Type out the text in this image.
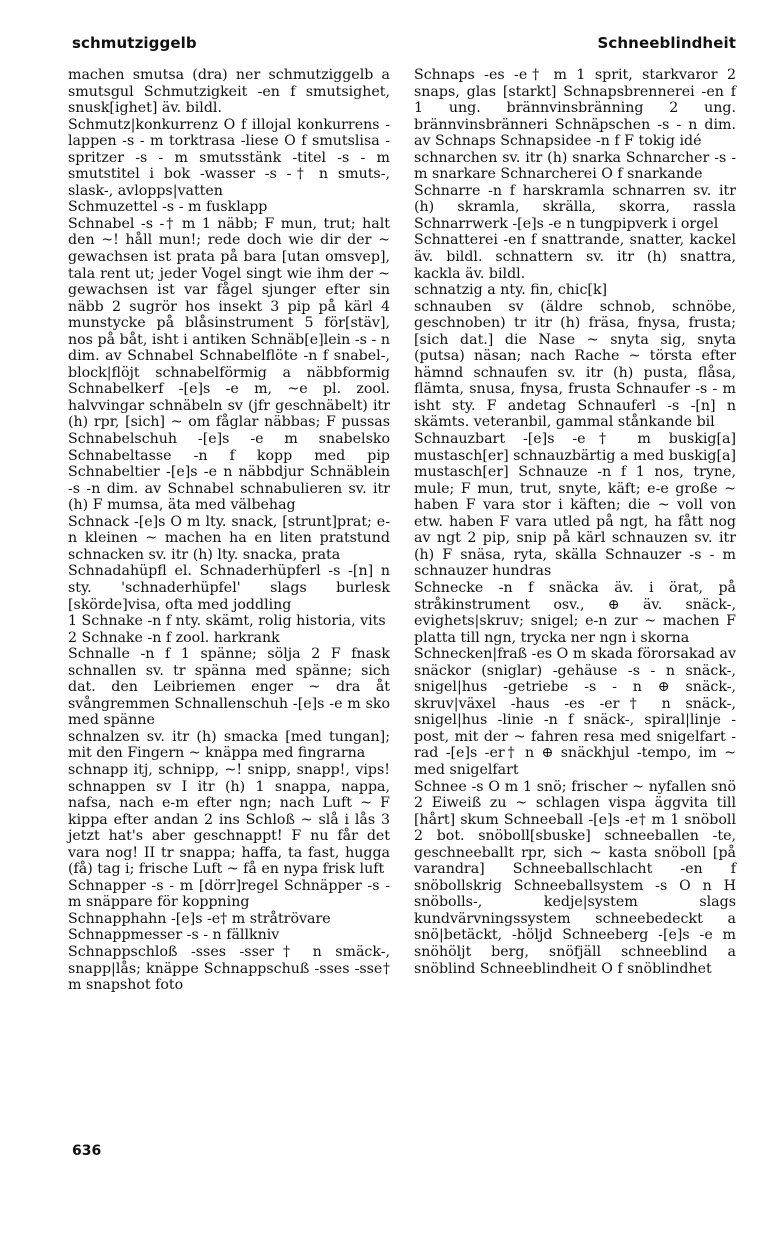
schmutziggelb	Schneeblindheit

machen smutsa (dra) ner schmutziggelb a smutsgul Schmutzigkeit -en f smutsighet, snusk[ighet] äv. bildl.

Schmutz|konkurrenz O f illojal konkurrens -lappen -s - m torktrasa -liese O f smutslisa -spritzer -s - m smutsstänk -titel -s - m smutstitel i bok -wasser -s -† n smuts-, slask-, avlopps|vatten

Schmuzettel -s - m fusklapp

Schnabel -s -† m 1 näbb; F mun, trut; halt den ~! håll mun!; rede doch wie dir der ~ gewachsen ist prata på bara [utan omsvep], tala rent ut; jeder Vogel singt wie ihm der ~ gewachsen ist var fågel sjunger efter sin näbb 2 sugrör hos insekt 3 pip på kärl 4 munstycke på blåsinstrument 5 för[stäv], nos på båt, isht i antiken Schnäb[e]lein -s - n dim. av Schnabel Schnabelflöte -n f snabel-, block|flöjt schnabelförmig a näbbformig Schnabelkerf -[e]s -e m, ~e pl. zool. halvvingar schnäbeln sv (jfr geschnäbelt) itr (h) rpr, [sich] ~ om fåglar näbbas; F pussas Schnabelschuh -[e]s -e m snabelsko Schnabeltasse -n f kopp med pip Schnabeltier -[e]s -e n näbbdjur Schnäblein -s -n dim. av Schnabel schnabulieren sv. itr (h) F mumsa, äta med välbehag

Schnack -[e]s O m lty. snack, [strunt]prat; e-n kleinen ~ machen ha en liten pratstund schnacken sv. itr (h) lty. snacka, prata

Schnadahüpfl el. Schnaderhüpferl -s -[n] n sty. 'schnaderhüpfel' slags burlesk [skörde]visa, ofta med joddling

1 Schnake -n f nty. skämt, rolig historia, vits

2 Schnake -n f zool. harkrank

Schnalle -n f 1 spänne; sölja 2 F fnask schnallen sv. tr spänna med spänne; sich dat. den Leibriemen enger ~ dra åt svångremmen Schnallenschuh -[e]s -e m sko med spänne

schnalzen sv. itr (h) smacka [med tungan]; mit den Fingern ~ knäppa med fingrarna

schnapp itj, schnipp, ~! snipp, snapp!, vips! schnappen sv I itr (h) 1 snappa, nappa, nafsa, nach e-m efter ngn; nach Luft ~ F kippa efter andan 2 ins Schloß ~ slå i lås 3 jetzt hat's aber geschnappt! F nu får det vara nog! II tr snappa; haffa, ta fast, hugga (få) tag i; frische Luft ~ få en nypa frisk luft

Schnapper -s - m [dörr]regel Schnäpper -s - m snäppare för koppning

Schnapphahn -[e]s -e† m stråtrövare

Schnappmesser -s - n fällkniv

Schnappschloß -sses -sser† n smäck-, snapp|lås; knäppe Schnappschuß -sses -sse† m snapshot foto

Schnaps -es -e† m 1 sprit, starkvaror 2 snaps, glas [starkt] Schnapsbrennerei -en f 1 ung. brännvinsbränning 2 ung. brännvinsbränneri Schnäpschen -s - n dim. av Schnaps Schnapsidee -n f F tokig idé

schnarchen sv. itr (h) snarka Schnarcher -s - m snarkare Schnarcherei O f snarkande

Schnarre -n f harskramla schnarren sv. itr (h) skramla, skrälla, skorra, rassla Schnarrwerk -[e]s -e n tungpipverk i orgel

Schnatterei -en f snattrande, snatter, kackel äv. bildl. schnattern sv. itr (h) snattra, kackla äv. bildl.

schnatzig a nty. fin, chic[k]

schnauben sv (äldre schnob, schnöbe, geschnoben) tr itr (h) fräsa, fnysa, frusta; [sich dat.] die Nase ~ snyta sig, snyta (putsa) näsan; nach Rache ~ törsta efter hämnd schnaufen sv. itr (h) pusta, flåsa, flämta, snusa, fnysa, frusta Schnaufer -s - m isht sty. F andetag Schnauferl -s -[n] n skämts. veteranbil, gammal stånkande bil

Schnauzbart -[e]s -e† m buskig[a] mustasch[er] schnauzbärtig a med buskig[a] mustasch[er] Schnauze -n f 1 nos, tryne, mule; F mun, trut, snyte, käft; e-e große ~ haben F vara stor i käften; die ~ voll von etw. haben F vara utled på ngt, ha fått nog av ngt 2 pip, snip på kärl schnauzen sv. itr (h) F snäsa, ryta, skälla Schnauzer -s - m schnauzer hundras

Schnecke -n f snäcka äv. i örat, på stråkinstrument osv., ⊕ äv. snäck-, evighets|skruv; snigel; e-n zur ~ machen F platta till ngn, trycka ner ngn i skorna

Schnecken|fraß -es O m skada förorsakad av snäckor (sniglar) -gehäuse -s - n snäck-, snigel|hus -getriebe -s - n ⊕ snäck-, skruv|växel -haus -es -er† n snäck-, snigel|hus -linie -n f snäck-, spiral|linje -post, mit der ~ fahren resa med snigelfart -rad -[e]s -er† n ⊕ snäckhjul -tempo, im ~ med snigelfart

Schnee -s O m 1 snö; frischer ~ nyfallen snö 2 Eiweiß zu ~ schlagen vispa äggvita till [hårt] skum Schneeball -[e]s -e† m 1 snöboll 2 bot. snöboll[sbuske] schneeballen -te, geschneeballt rpr, sich ~ kasta snöboll [på varandra] Schneeballschlacht -en f snöbollskrig Schneeballsystem -s O n H snöbolls-, kedje|system slags kundvärvningssystem schneebedeckt a snö|betäckt, -höljd Schneeberg -[e]s -e m snöhöljt berg, snöfjäll schneeblind a snöblind Schneeblindheit O f snöblindhet

636
